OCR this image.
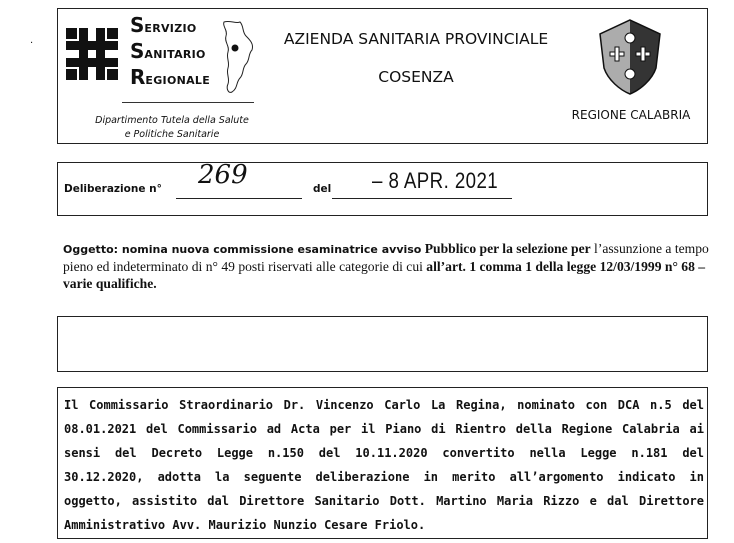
·
SERVIZIO
SANITARIO
REGIONALE
Dipartimento Tutela della Salute
e Politiche Sanitarie
AZIENDA SANITARIA PROVINCIALE
COSENZA
REGIONE CALABRIA
Deliberazione n° 269	del – 8 APR. 2021
Oggetto: nomina nuova commissione esaminatrice avviso Pubblico per la selezione per l’assunzione a tempo pieno ed indeterminato di n° 49 posti riservati alle categorie di cui all’art. 1 comma 1 della legge 12/03/1999 n° 68 – varie qualifiche.
Il Commissario Straordinario Dr. Vincenzo Carlo La Regina, nominato con DCA n.5 del 08.01.2021 del Commissario ad Acta per il Piano di Rientro della Regione Calabria ai sensi del Decreto Legge n.150 del 10.11.2020 convertito nella Legge n.181 del 30.12.2020, adotta la seguente deliberazione in merito all’argomento indicato in oggetto, assistito dal Direttore Sanitario Dott. Martino Maria Rizzo e dal Direttore Amministrativo Avv. Maurizio Nunzio Cesare Friolo.
